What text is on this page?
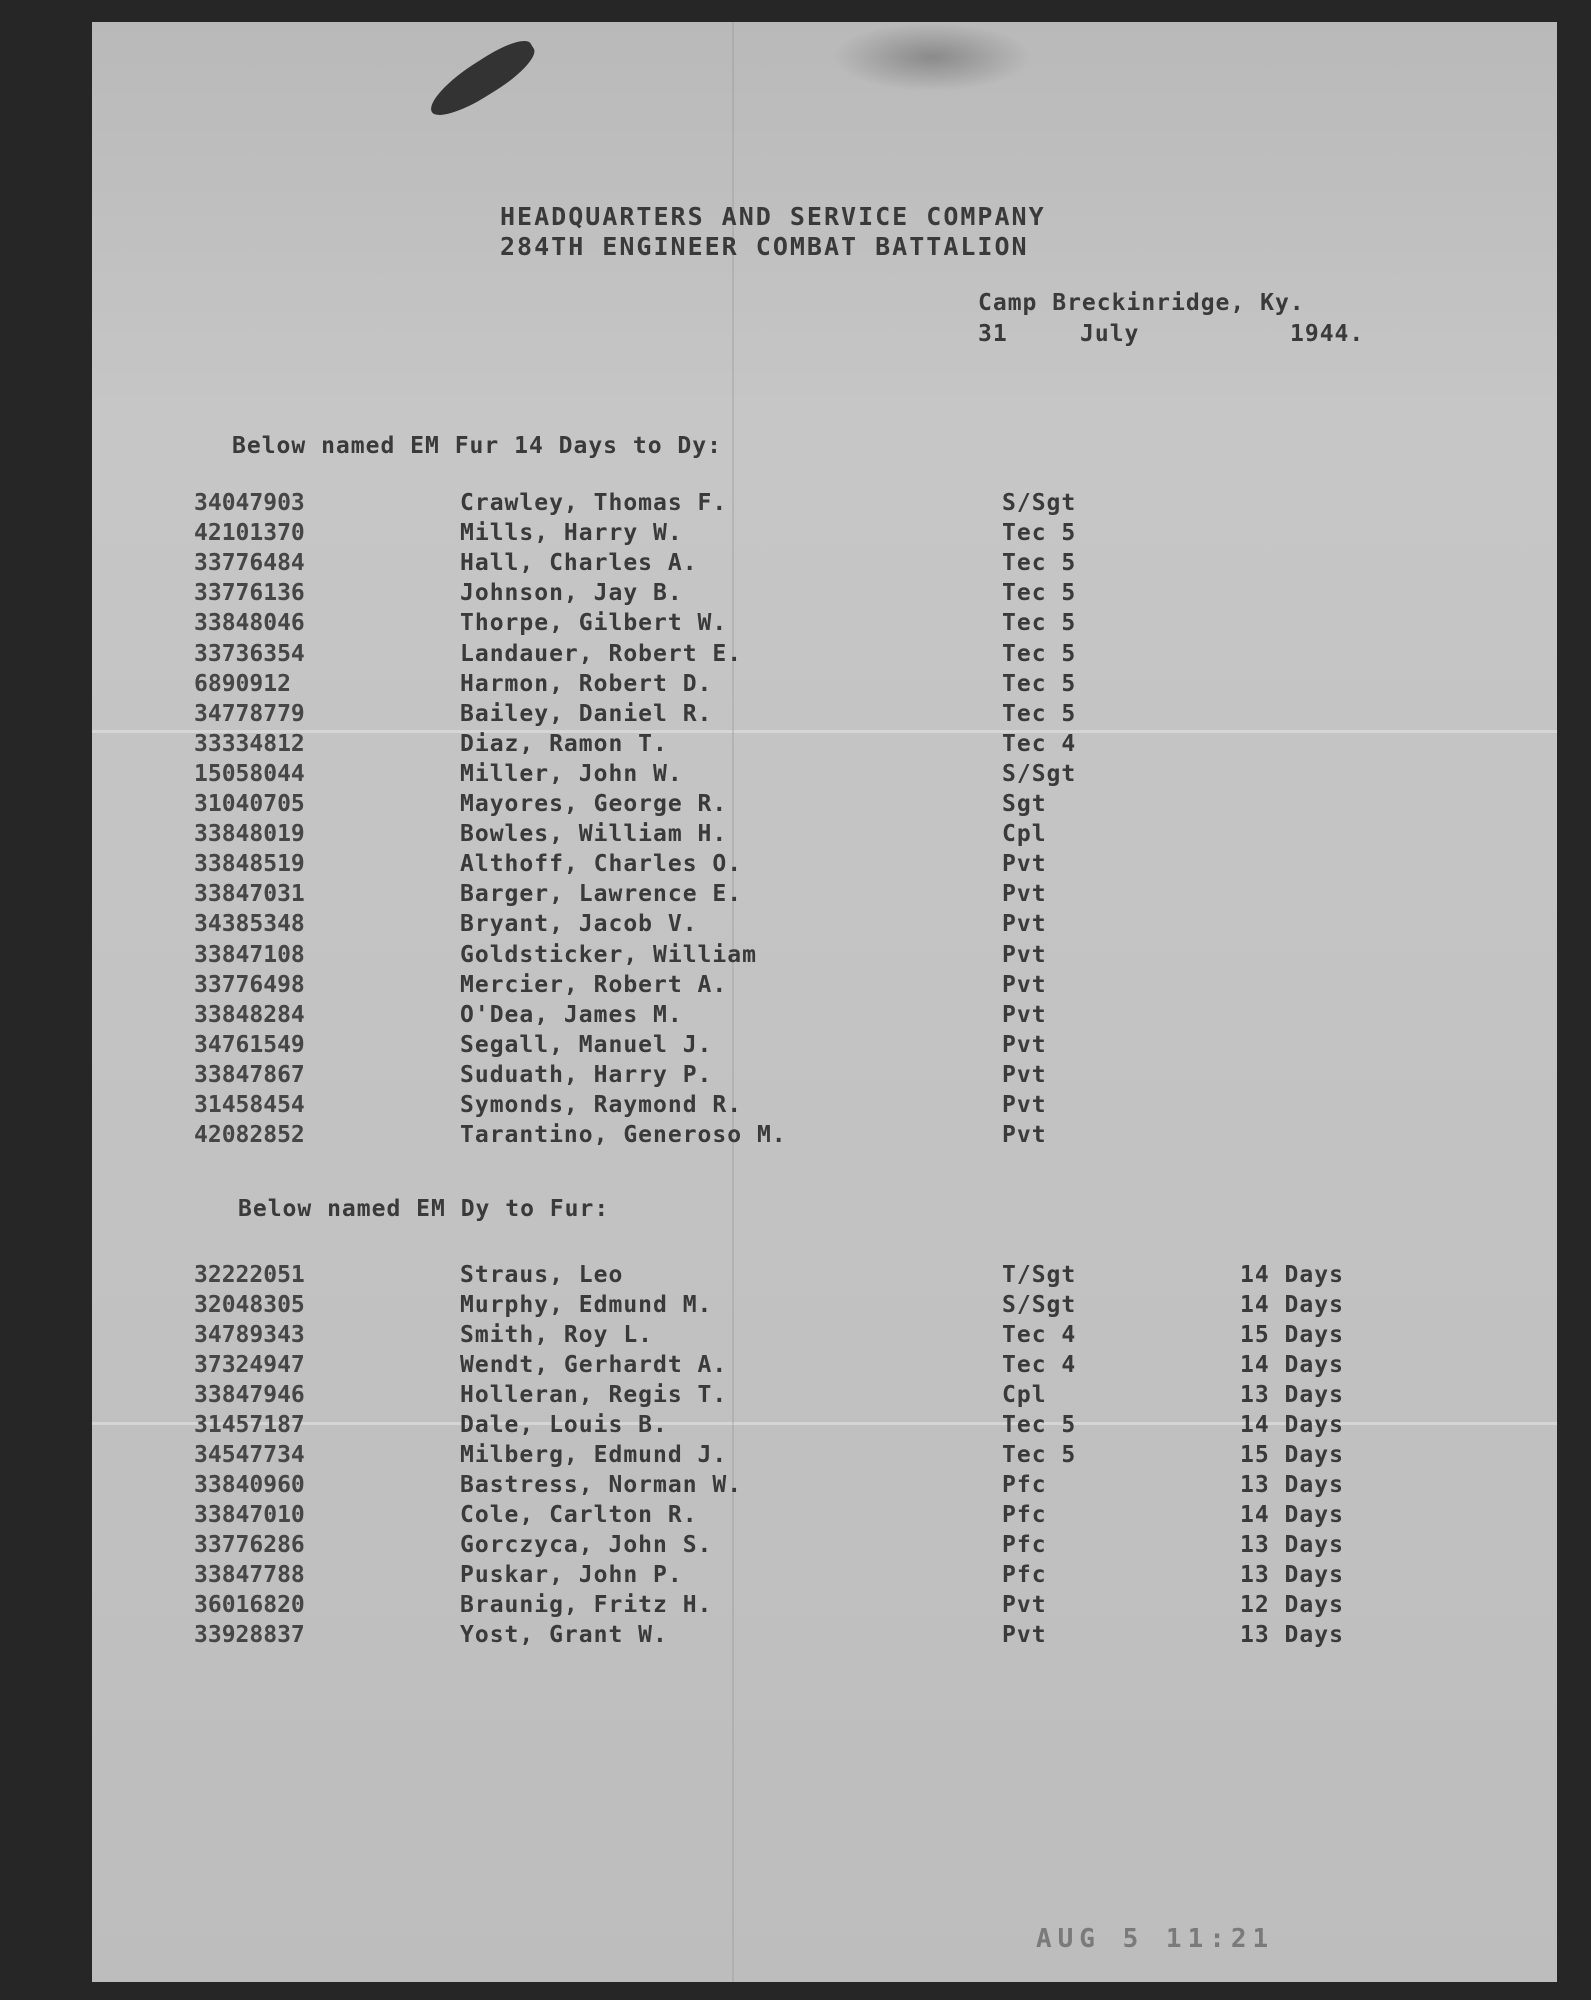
HEADQUARTERS AND SERVICE COMPANY
284TH ENGINEER COMBAT BATTALION
Camp Breckinridge, Ky.
31	July	1944.
Below named EM Fur 14 Days to Dy:
34047903	Crawley, Thomas F.	S/Sgt
42101370	Mills, Harry W.	Tec 5
33776484	Hall, Charles A.	Tec 5
33776136	Johnson, Jay B.	Tec 5
33848046	Thorpe, Gilbert W.	Tec 5
33736354	Landauer, Robert E.	Tec 5
6890912	Harmon, Robert D.	Tec 5
34778779	Bailey, Daniel R.	Tec 5
33334812	Diaz, Ramon T.	Tec 4
15058044	Miller, John W.	S/Sgt
31040705	Mayores, George R.	Sgt
33848019	Bowles, William H.	Cpl
33848519	Althoff, Charles O.	Pvt
33847031	Barger, Lawrence E.	Pvt
34385348	Bryant, Jacob V.	Pvt
33847108	Goldsticker, William	Pvt
33776498	Mercier, Robert A.	Pvt
33848284	O'Dea, James M.	Pvt
34761549	Segall, Manuel J.	Pvt
33847867	Suduath, Harry P.	Pvt
31458454	Symonds, Raymond R.	Pvt
42082852	Tarantino, Generoso M.	Pvt
Below named EM Dy to Fur:
32222051	Straus, Leo	T/Sgt	14 Days
32048305	Murphy, Edmund M.	S/Sgt	14 Days
34789343	Smith, Roy L.	Tec 4	15 Days
37324947	Wendt, Gerhardt A.	Tec 4	14 Days
33847946	Holleran, Regis T.	Cpl	13 Days
31457187	Dale, Louis B.	Tec 5	14 Days
34547734	Milberg, Edmund J.	Tec 5	15 Days
33840960	Bastress, Norman W.	Pfc	13 Days
33847010	Cole, Carlton R.	Pfc	14 Days
33776286	Gorczyca, John S.	Pfc	13 Days
33847788	Puskar, John P.	Pfc	13 Days
36016820	Braunig, Fritz H.	Pvt	12 Days
33928837	Yost, Grant W.	Pvt	13 Days
AUG 5 11:21
